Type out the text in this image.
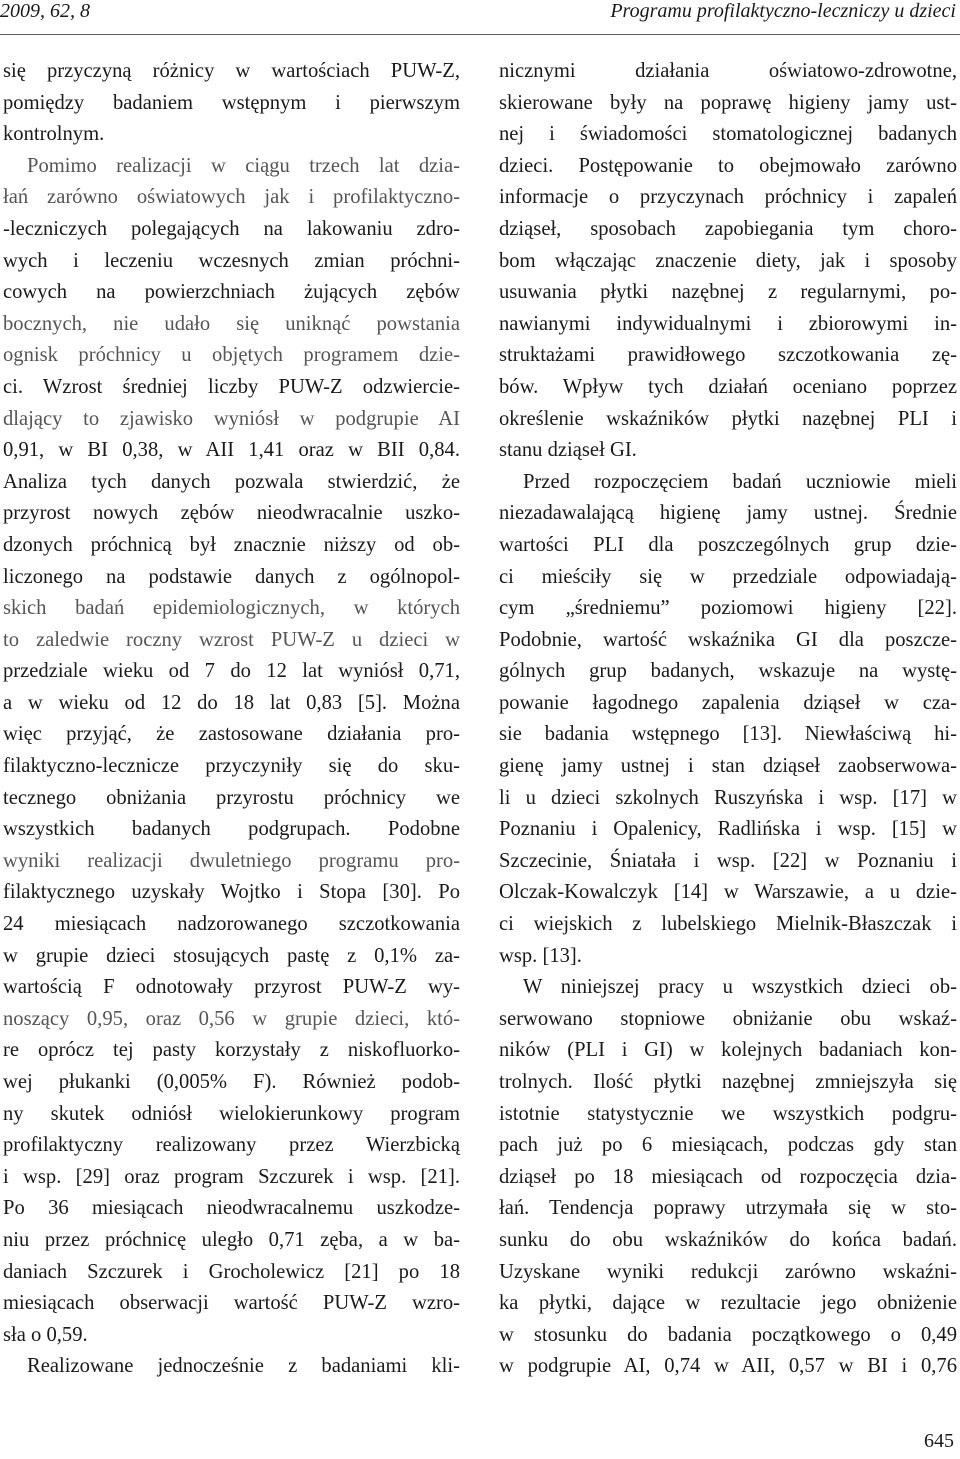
2009, 62, 8	Programu profilaktyczno-leczniczy u dzieci
się przyczyną różnicy w wartościach PUW-Z,
pomiędzy badaniem wstępnym i pierwszym
kontrolnym.
Pomimo realizacji w ciągu trzech lat dzia-
łań zarówno oświatowych jak i profilaktyczno-
-leczniczych polegających na lakowaniu zdro-
wych i leczeniu wczesnych zmian próchni-
cowych na powierzchniach żujących zębów
bocznych, nie udało się uniknąć powstania
ognisk próchnicy u objętych programem dzie-
ci. Wzrost średniej liczby PUW-Z odzwiercie-
dlający to zjawisko wyniósł w podgrupie AI
0,91, w BI 0,38, w AII 1,41 oraz w BII 0,84.
Analiza tych danych pozwala stwierdzić, że
przyrost nowych zębów nieodwracalnie uszko-
dzonych próchnicą był znacznie niższy od ob-
liczonego na podstawie danych z ogólnopol-
skich badań epidemiologicznych, w których
to zaledwie roczny wzrost PUW-Z u dzieci w
przedziale wieku od 7 do 12 lat wyniósł 0,71,
a w wieku od 12 do 18 lat 0,83 [5]. Można
więc przyjąć, że zastosowane działania pro-
filaktyczno-lecznicze przyczyniły się do sku-
tecznego obniżania przyrostu próchnicy we
wszystkich badanych podgrupach. Podobne
wyniki realizacji dwuletniego programu pro-
filaktycznego uzyskały Wojtko i Stopa [30]. Po
24 miesiącach nadzorowanego szczotkowania
w grupie dzieci stosujących pastę z 0,1% za-
wartością F odnotowały przyrost PUW-Z wy-
noszący 0,95, oraz 0,56 w grupie dzieci, któ-
re oprócz tej pasty korzystały z niskofluorko-
wej płukanki (0,005% F). Również podob-
ny skutek odniósł wielokierunkowy program
profilaktyczny realizowany przez Wierzbicką
i wsp. [29] oraz program Szczurek i wsp. [21].
Po 36 miesiącach nieodwracalnemu uszkodze-
niu przez próchnicę uległo 0,71 zęba, a w ba-
daniach Szczurek i Grocholewicz [21] po 18
miesiącach obserwacji wartość PUW-Z wzro-
sła o 0,59.
Realizowane jednocześnie z badaniami kli-
nicznymi działania oświatowo-zdrowotne,
skierowane były na poprawę higieny jamy ust-
nej i świadomości stomatologicznej badanych
dzieci. Postępowanie to obejmowało zarówno
informacje o przyczynach próchnicy i zapaleń
dziąseł, sposobach zapobiegania tym choro-
bom włączając znaczenie diety, jak i sposoby
usuwania płytki nazębnej z regularnymi, po-
nawianymi indywidualnymi i zbiorowymi in-
struktażami prawidłowego szczotkowania zę-
bów. Wpływ tych działań oceniano poprzez
określenie wskaźników płytki nazębnej PLI i
stanu dziąseł GI.
Przed rozpoczęciem badań uczniowie mieli
niezadawalającą higienę jamy ustnej. Średnie
wartości PLI dla poszczególnych grup dzie-
ci mieściły się w przedziale odpowiadają-
cym „średniemu” poziomowi higieny [22].
Podobnie, wartość wskaźnika GI dla poszcze-
gólnych grup badanych, wskazuje na wystę-
powanie łagodnego zapalenia dziąseł w cza-
sie badania wstępnego [13]. Niewłaściwą hi-
gienę jamy ustnej i stan dziąseł zaobserwowa-
li u dzieci szkolnych Ruszyńska i wsp. [17] w
Poznaniu i Opalenicy, Radlińska i wsp. [15] w
Szczecinie, Śniatała i wsp. [22] w Poznaniu i
Olczak-Kowalczyk [14] w Warszawie, a u dzie-
ci wiejskich z lubelskiego Mielnik-Błaszczak i
wsp. [13].
W niniejszej pracy u wszystkich dzieci ob-
serwowano stopniowe obniżanie obu wskaź-
ników (PLI i GI) w kolejnych badaniach kon-
trolnych. Ilość płytki nazębnej zmniejszyła się
istotnie statystycznie we wszystkich podgru-
pach już po 6 miesiącach, podczas gdy stan
dziąseł po 18 miesiącach od rozpoczęcia dzia-
łań. Tendencja poprawy utrzymała się w sto-
sunku do obu wskaźników do końca badań.
Uzyskane wyniki redukcji zarówno wskaźni-
ka płytki, dające w rezultacie jego obniżenie
w stosunku do badania początkowego o 0,49
w podgrupie AI, 0,74 w AII, 0,57 w BI i 0,76
645
